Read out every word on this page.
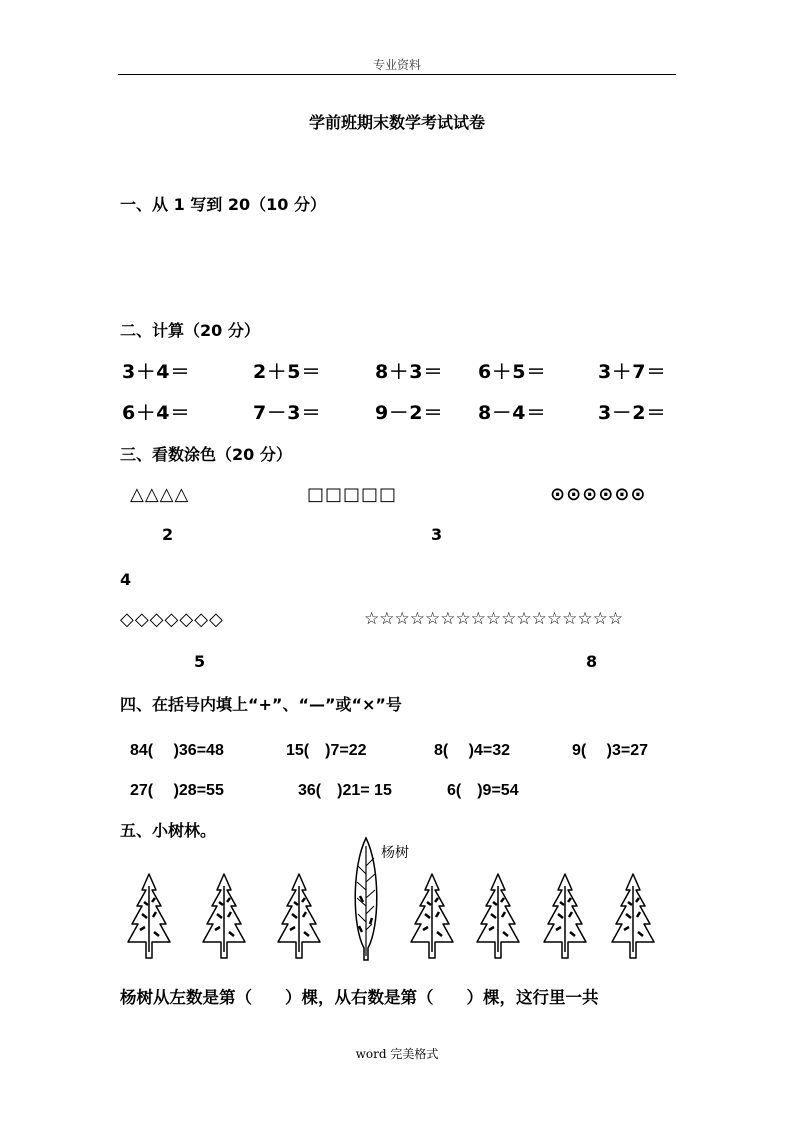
专业资料
学前班期末数学考试试卷
一、从 1 写到 20（10 分）
二、计算（20 分）
3＋4＝	2＋5＝	8＋3＝ 6＋5＝	3＋7＝
6＋4＝	7－3＝	9－2＝ 8－4＝	3－2＝
三、看数涂色（20 分）
△△△△	□□□□□	⊙⊙⊙⊙⊙⊙
2	3
4
◇◇◇◇◇◇◇	☆☆☆☆☆☆☆☆☆☆☆☆☆☆☆☆☆
5	8
四、在括号内填上“+”、“—”或“×”号
84(　 )36=48	15(　)7=22	8(　 )4=32	9(　 )3=27
27(　 )28=55	36(　)21= 15	6(　)9=54
五、小树林。
杨树
杨树从左数是第（　　）棵，从右数是第（　　）棵，这行里一共
word 完美格式
